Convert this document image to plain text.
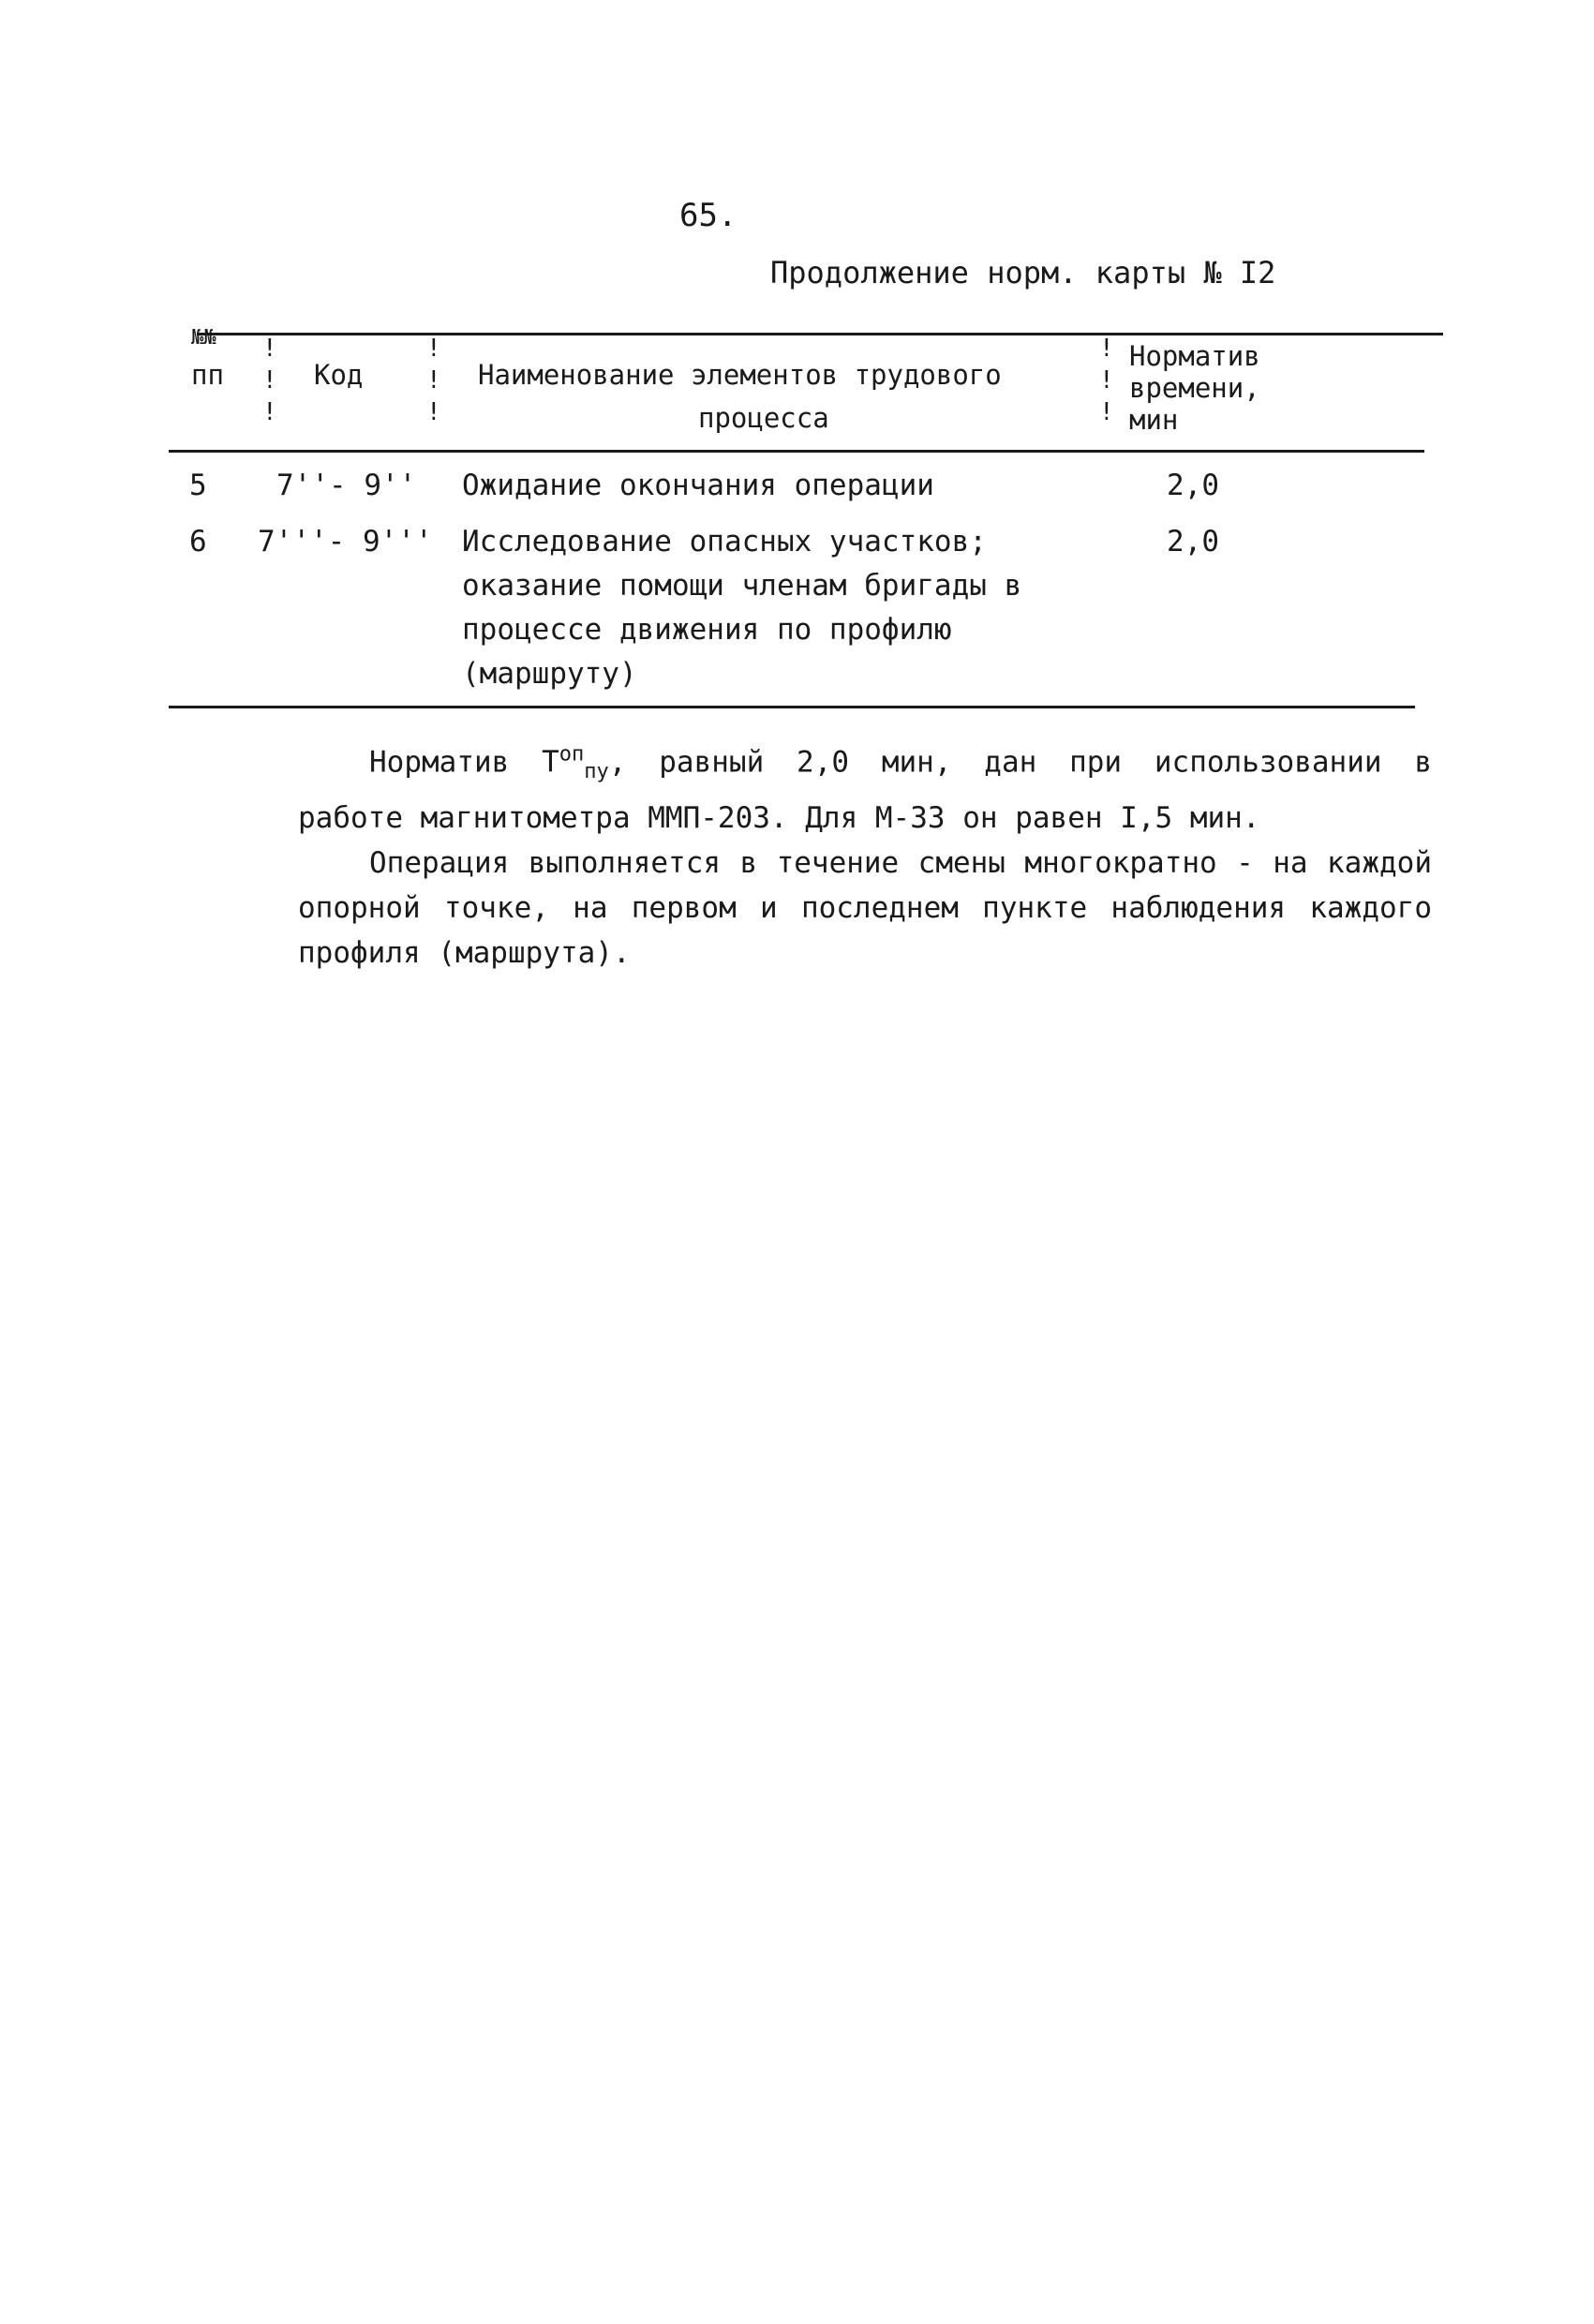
65.
Продолжение норм. карты № I2
№№
пп
!
!
!
Код
!
!
!
Наименование элементов трудового
процесса
!
!
!
Норматив
времени,
мин
5 7''- 9'' Ожидание окончания операции	2,0
6 7'''- 9''' Исследование опасных участков;
оказание помощи членам бригады в
процессе движения по профилю
(маршруту)
2,0

Норматив $T^{оп}_{пу}$, равный 2,0 мин, дан при использовании в работе магнитометра ММП-203. Для М-33 он равен I,5 мин.

Операция выполняется в течение смены многократно - на каждой опорной точке, на первом и последнем пункте наблюдения каждого профиля (маршрута).
